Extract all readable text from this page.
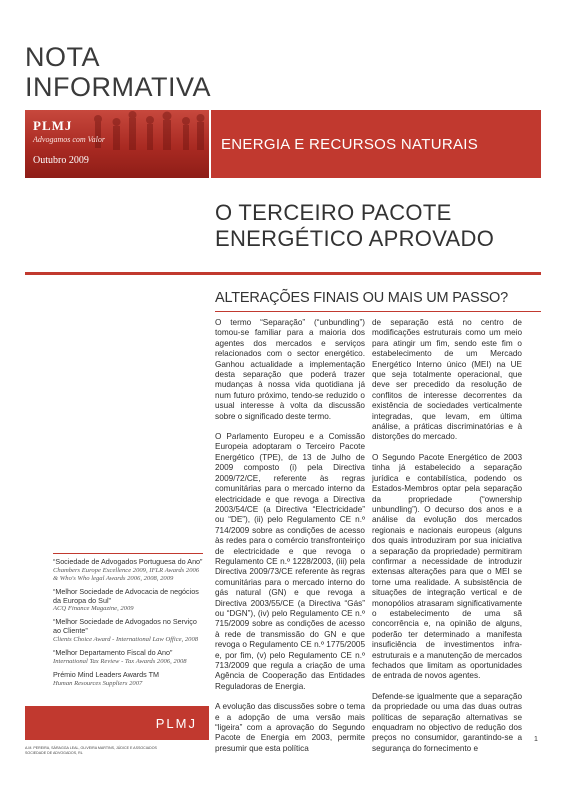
NOTA
INFORMATIVA
PLMJ
Advogamos com Valor
Outubro 2009
ENERGIA E RECURSOS NATURAIS
O TERCEIRO PACOTE
ENERGÉTICO APROVADO
ALTERAÇÕES FINAIS OU MAIS UM PASSO?

O termo “Separação” (“unbundling”) tomou-se familiar para a maioria dos agentes dos mercados e serviços relacionados com o sector energético. Ganhou actualidade a implementação desta separação que poderá trazer mudanças à nossa vida quotidiana já num futuro próximo, tendo-se reduzido o usual interesse à volta da discussão sobre o significado deste termo.

O Parlamento Europeu e a Comissão Europeia adoptaram o Terceiro Pacote Energético (TPE), de 13 de Julho de 2009 composto (i) pela Directiva 2009/72/CE, referente às regras comunitárias para o mercado interno da electricidade e que revoga a Directiva 2003/54/CE (a Directiva “Electricidade” ou “DE”), (ii) pelo Regulamento CE n.º 714/2009 sobre as condições de acesso às redes para o comércio transfronteiriço de electricidade e que revoga o Regulamento CE n.º 1228/2003, (iii) pela Directiva 2009/73/CE referente às regras comunitárias para o mercado interno do gás natural (GN) e que revoga a Directiva 2003/55/CE (a Directiva “Gás” ou “DGN”), (iv) pelo Regulamento CE n.º 715/2009 sobre as condições de acesso à rede de transmissão do GN e que revoga o Regulamento CE n.º 1775/2005 e, por fim, (v) pelo Regulamento CE n.º 713/2009 que regula a criação de uma Agência de Cooperação das Entidades Reguladoras de Energia.

A evolução das discussões sobre o tema e a adopção de uma versão mais “ligeira” com a aprovação do Segundo Pacote de Energia em 2003, permite presumir que esta política

de separação está no centro de modificações estruturais como um meio para atingir um fim, sendo este fim o estabelecimento de um Mercado Energético Interno único (MEI) na UE que seja totalmente operacional, que deve ser precedido da resolução de conflitos de interesse decorrentes da existência de sociedades verticalmente integradas, que levam, em última análise, a práticas discriminatórias e à distorções do mercado.

O Segundo Pacote Energético de 2003 tinha já estabelecido a separação jurídica e contabilística, podendo os Estados-Membros optar pela separação da propriedade (“ownership unbundling”). O decurso dos anos e a análise da evolução dos mercados regionais e nacionais europeus (alguns dos quais introduziram por sua iniciativa a separação da propriedade) permitiram confirmar a necessidade de introduzir extensas alterações para que o MEI se torne uma realidade. A subsistência de situações de integração vertical e de monopólios atrasaram significativamente o estabelecimento de uma sã concorrência e, na opinião de alguns, poderão ter determinado a manifesta insuficiência de investimentos infra-estruturais e a manutenção de mercados fechados que limitam as oportunidades de entrada de novos agentes.

Defende-se igualmente que a separação da propriedade ou uma das duas outras políticas de separação alternativas se enquadram no objectivo de redução dos preços no consumidor, garantindo-se a segurança do fornecimento e

“Sociedade de Advogados Portuguesa do Ano”
Chambers Europe Excellence 2009, IFLR Awards 2006 & Who's Who legal Awards 2006, 2008, 2009
“Melhor Sociedade de Advocacia de negócios da Europa do Sul”
ACQ Finance Magazine, 2009
“Melhor Sociedade de Advogados no Serviço ao Cliente”
Clients Choice Award - International Law Office, 2008
“Melhor Departamento Fiscal do Ano”
International Tax Review - Tax Awards 2006, 2008
Prémio Mind Leaders Awards TM
Human Resources Suppliers 2007
PLMJ
A.M. PEREIRA, SÁRAGGA LEAL, OLIVEIRA MARTINS, JÚDICE E ASSOCIADOS
SOCIEDADE DE ADVOGADOS, RL
1
